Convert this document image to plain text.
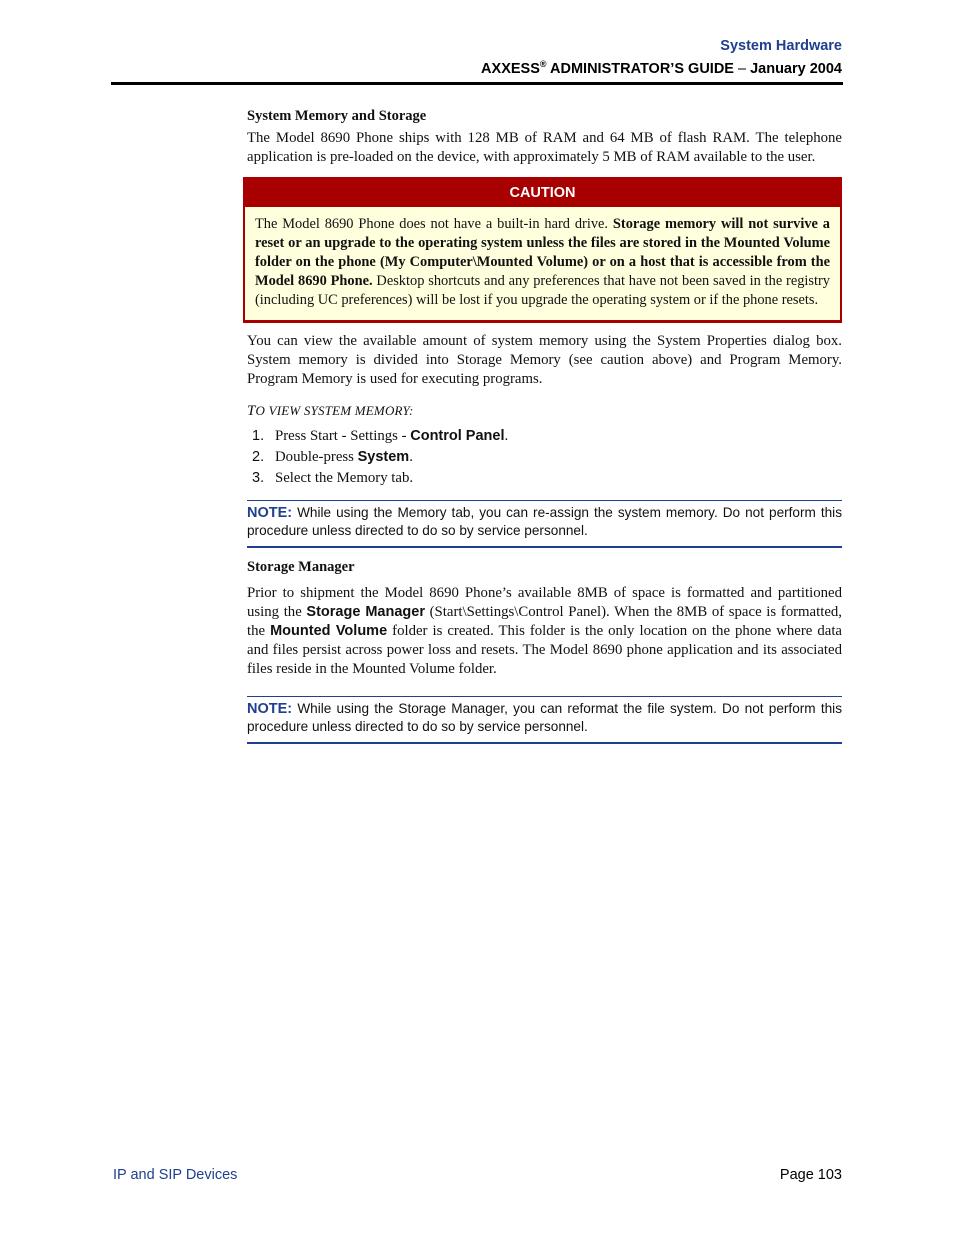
System Hardware
AXXESS® ADMINISTRATOR’S GUIDE – January 2004
System Memory and Storage

The Model 8690 Phone ships with 128 MB of RAM and 64 MB of flash RAM. The telephone application is pre-loaded on the device, with approximately 5 MB of RAM available to the user.

CAUTION
The Model 8690 Phone does not have a built-in hard drive. Storage memory will not survive a reset or an upgrade to the operating system unless the files are stored in the Mounted Volume folder on the phone (My Computer\Mounted Volume) or on a host that is accessible from the Model 8690 Phone. Desktop shortcuts and any preferences that have not been saved in the registry (including UC preferences) will be lost if you upgrade the operating system or if the phone resets.

You can view the available amount of system memory using the System Properties dialog box. System memory is divided into Storage Memory (see caution above) and Program Memory. Program Memory is used for executing programs.

TO VIEW SYSTEM MEMORY:
1. Press Start - Settings - Control Panel.
2. Double-press System.
3. Select the Memory tab.
NOTE: While using the Memory tab, you can re-assign the system memory. Do not perform this procedure unless directed to do so by service personnel.
Storage Manager

Prior to shipment the Model 8690 Phone’s available 8MB of space is formatted and partitioned using the Storage Manager (Start\Settings\Control Panel). When the 8MB of space is formatted, the Mounted Volume folder is created. This folder is the only location on the phone where data and files persist across power loss and resets. The Model 8690 phone application and its associated files reside in the Mounted Volume folder.

NOTE: While using the Storage Manager, you can reformat the file system. Do not perform this procedure unless directed to do so by service personnel.
IP and SIP Devices	Page 103
